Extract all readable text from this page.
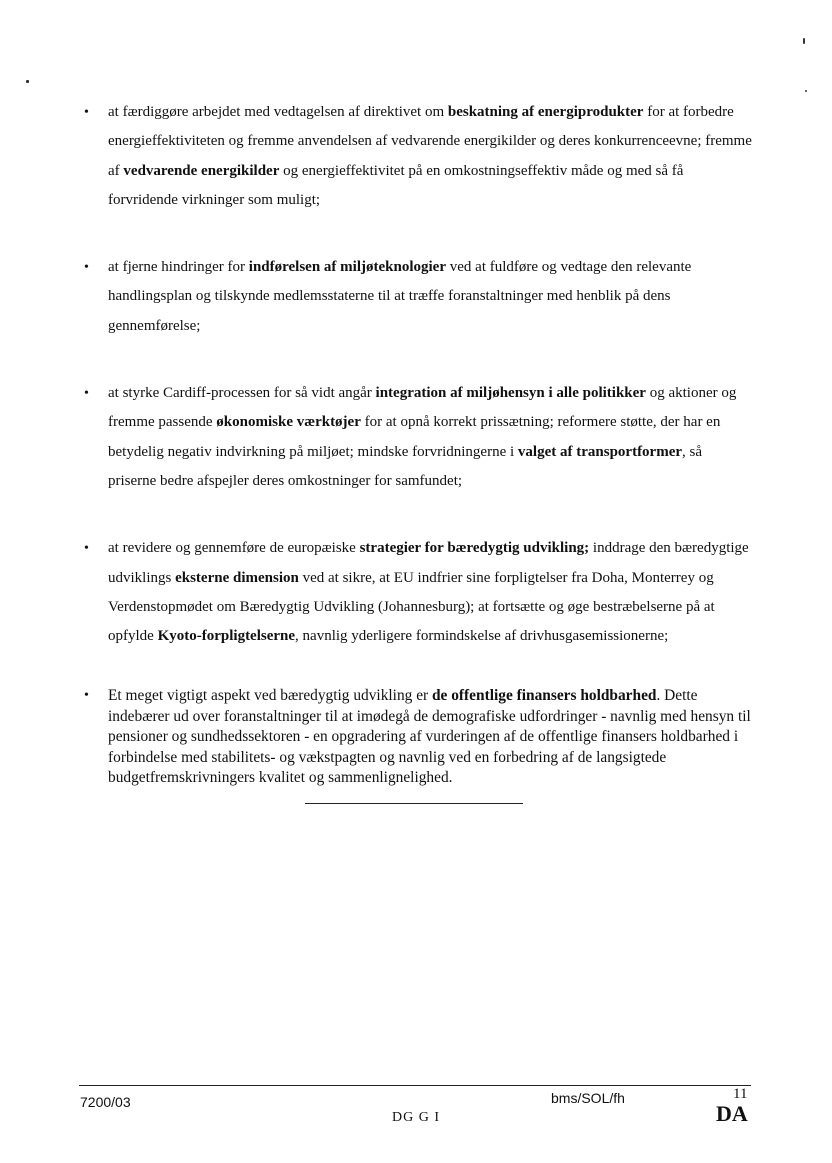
• at færdiggøre arbejdet med vedtagelsen af direktivet om beskatning af energiprodukter for at forbedre energieffektiviteten og fremme anvendelsen af vedvarende energikilder og deres konkurrenceevne; fremme af vedvarende energikilder og energieffektivitet på en omkostningseffektiv måde og med så få forvridende virkninger som muligt;
• at fjerne hindringer for indførelsen af miljøteknologier ved at fuldføre og vedtage den relevante handlingsplan og tilskynde medlemsstaterne til at træffe foranstaltninger med henblik på dens gennemførelse;
• at styrke Cardiff-processen for så vidt angår integration af miljøhensyn i alle politikker og aktioner og fremme passende økonomiske værktøjer for at opnå korrekt prissætning; reformere støtte, der har en betydelig negativ indvirkning på miljøet; mindske forvridningerne i valget af transportformer, så priserne bedre afspejler deres omkostninger for samfundet;
• at revidere og gennemføre de europæiske strategier for bæredygtig udvikling; inddrage den bæredygtige udviklings eksterne dimension ved at sikre, at EU indfrier sine forpligtelser fra Doha, Monterrey og Verdenstopmødet om Bæredygtig Udvikling (Johannesburg); at fortsætte og øge bestræbelserne på at opfylde Kyoto-forpligtelserne, navnlig yderligere formindskelse af drivhusgasemissionerne;
• Et meget vigtigt aspekt ved bæredygtig udvikling er de offentlige finansers holdbarhed. Dette indebærer ud over foranstaltninger til at imødegå de demografiske udfordringer - navnlig med hensyn til pensioner og sundhedssektoren - en opgradering af vurderingen af de offentlige finansers holdbarhed i forbindelse med stabilitets- og vækstpagten og navnlig ved en forbedring af de langsigtede budgetfremskrivningers kvalitet og sammenlignelighed.
7200/03	bms/SOL/fh	11
DG G I	DA
